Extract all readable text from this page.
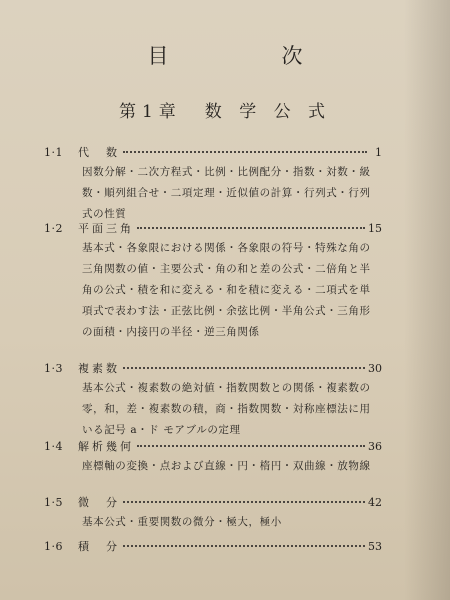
目　次
第1章　数 学 公 式
1·1	代　数	1
因数分解・二次方程式・比例・比例配分・指数・対数・級数・順列組合せ・二項定理・近似値の計算・行列式・行列式の性質
1·2	平面三角	15
基本式・各象限における関係・各象限の符号・特殊な角の三角関数の値・主要公式・角の和と差の公式・二倍角と半角の公式・積を和に変える・和を積に変える・二項式を単項式で表わす法・正弦比例・余弦比例・半角公式・三角形の面積・内接円の半径・逆三角関係
1·3	複素数	30
基本公式・複素数の絶対値・指数関数との関係・複素数の零，和，差・複素数の積，商・指数関数・対称座標法に用いる記号 a・ド モアブルの定理
1·4	解析幾何	36
座標軸の変換・点および直線・円・楕円・双曲線・放物線
1·5	微　分	42
基本公式・重要関数の微分・極大，極小
1·6	積　分	53
